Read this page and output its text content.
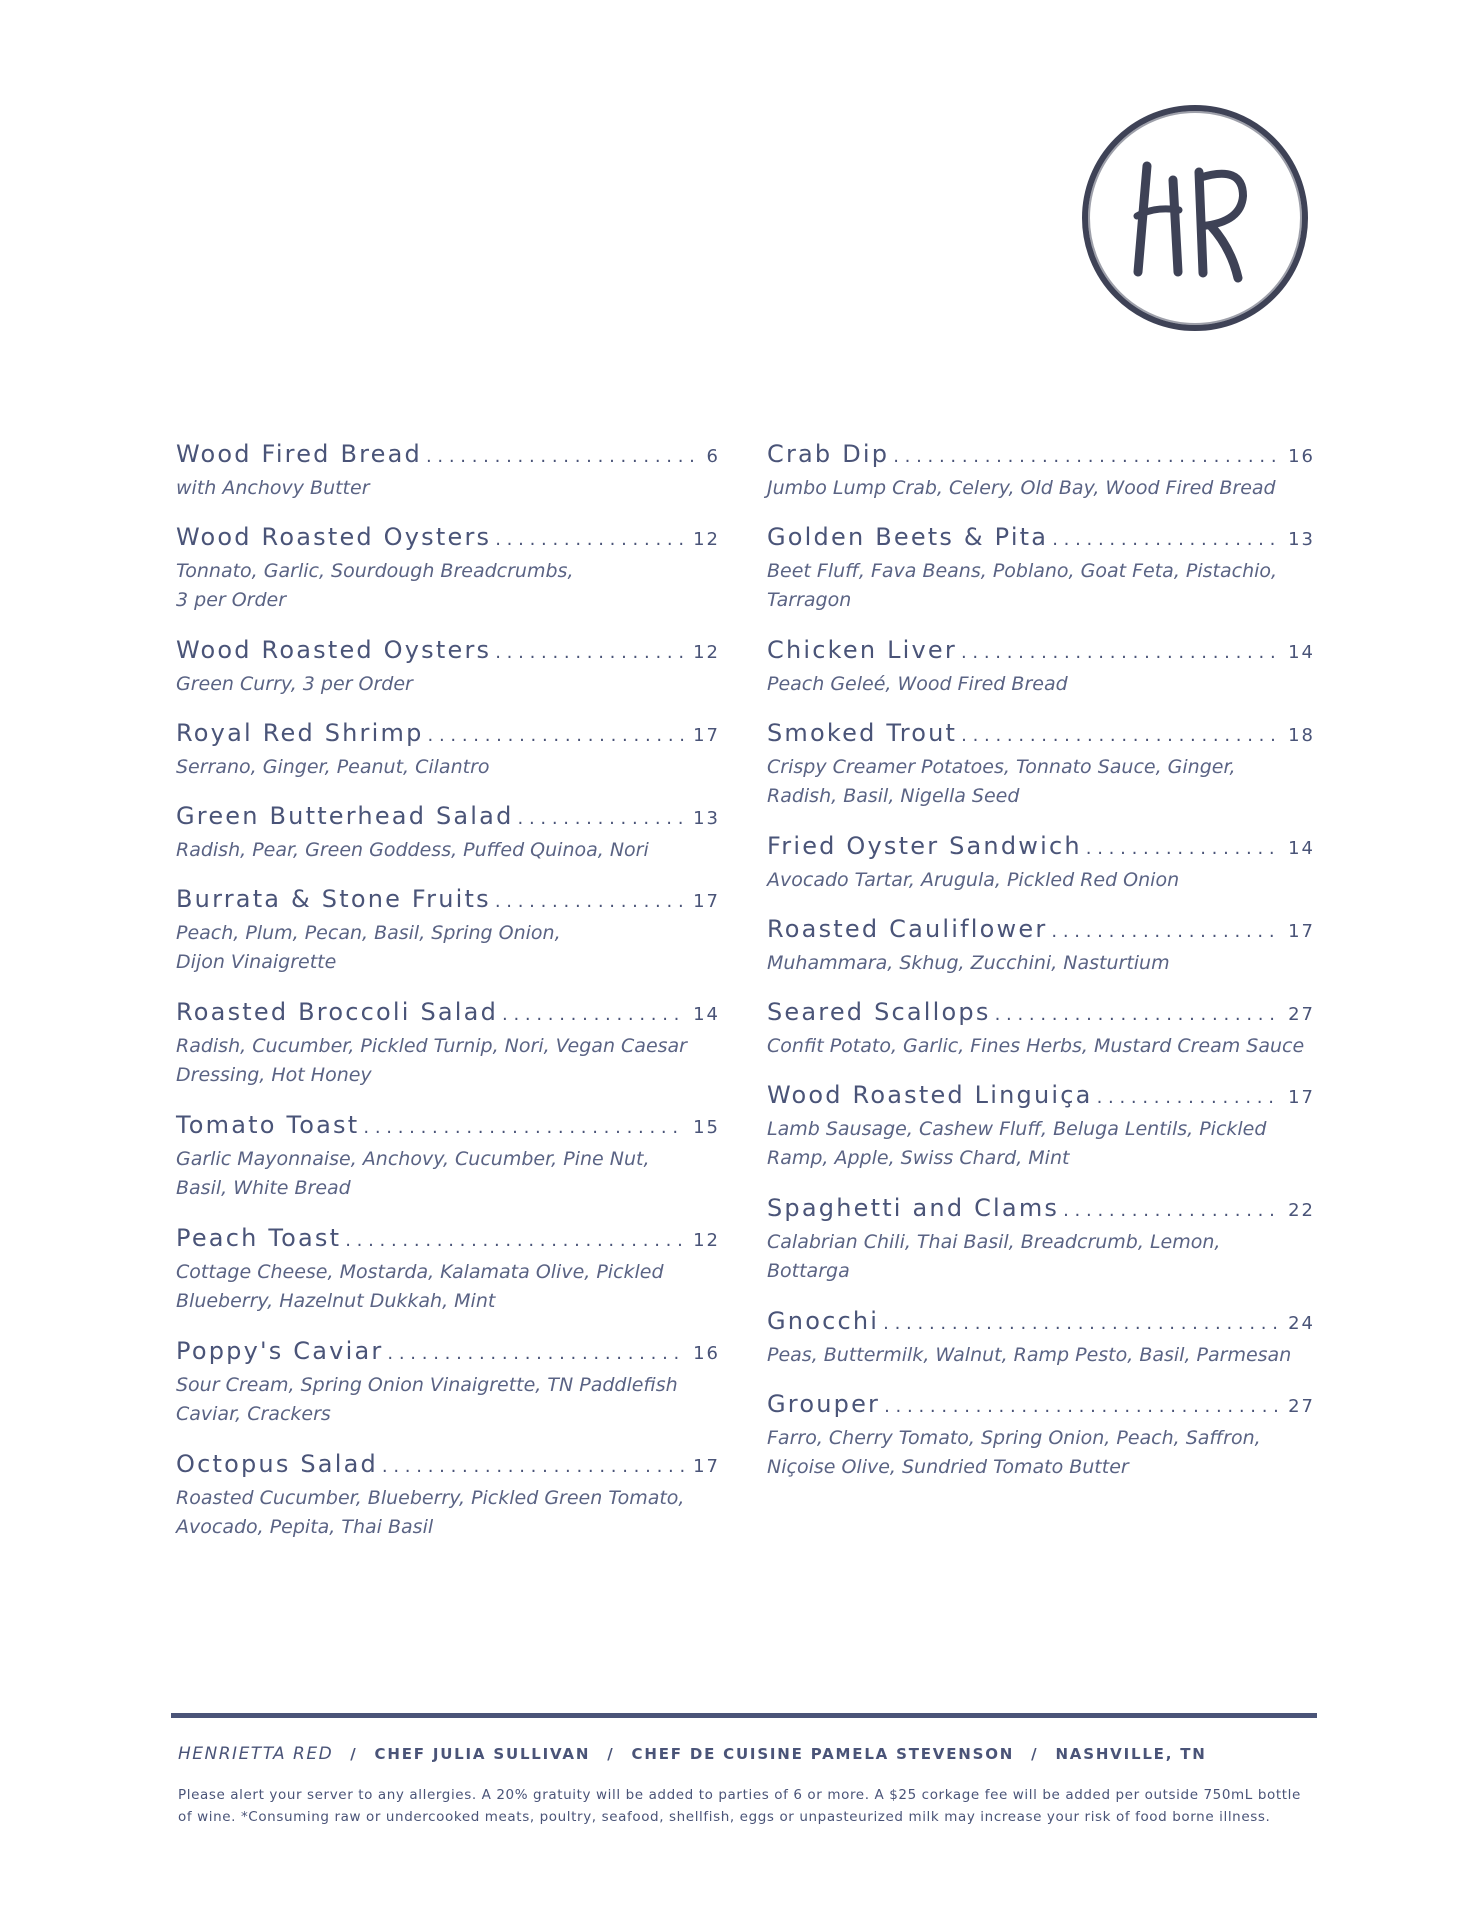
Wood Fired Bread . . .	6
with Anchovy Butter
Wood Roasted Oysters . . .	12
Tonnato, Garlic, Sourdough Breadcrumbs,
3 per Order
Wood Roasted Oysters . . .	12
Green Curry, 3 per Order
Royal Red Shrimp . . .	17
Serrano, Ginger, Peanut, Cilantro
Green Butterhead Salad . . .	13
Radish, Pear, Green Goddess, Puffed Quinoa, Nori
Burrata & Stone Fruits . . .	17
Peach, Plum, Pecan, Basil, Spring Onion,
Dijon Vinaigrette
Roasted Broccoli Salad . . .	14
Radish, Cucumber, Pickled Turnip, Nori, Vegan Caesar
Dressing, Hot Honey
Tomato Toast . . .	15
Garlic Mayonnaise, Anchovy, Cucumber, Pine Nut,
Basil, White Bread
Peach Toast . . .	12
Cottage Cheese, Mostarda, Kalamata Olive, Pickled
Blueberry, Hazelnut Dukkah, Mint
Poppy's Caviar . . .	16
Sour Cream, Spring Onion Vinaigrette, TN Paddlefish
Caviar, Crackers
Octopus Salad . . .	17
Roasted Cucumber, Blueberry, Pickled Green Tomato,
Avocado, Pepita, Thai Basil
Crab Dip . . .	16
Jumbo Lump Crab, Celery, Old Bay, Wood Fired Bread
Golden Beets & Pita . . .	13
Beet Fluff, Fava Beans, Poblano, Goat Feta, Pistachio,
Tarragon
Chicken Liver . . .	14
Peach Geleé, Wood Fired Bread
Smoked Trout . . .	18
Crispy Creamer Potatoes, Tonnato Sauce, Ginger,
Radish, Basil, Nigella Seed
Fried Oyster Sandwich . . .	14
Avocado Tartar, Arugula, Pickled Red Onion
Roasted Cauliflower . . .	17
Muhammara, Skhug, Zucchini, Nasturtium
Seared Scallops . . .	27
Confit Potato, Garlic, Fines Herbs, Mustard Cream Sauce
Wood Roasted Linguiça . . .	17
Lamb Sausage, Cashew Fluff, Beluga Lentils, Pickled
Ramp, Apple, Swiss Chard, Mint
Spaghetti and Clams . . .	22
Calabrian Chili, Thai Basil, Breadcrumb, Lemon,
Bottarga
Gnocchi . . .	24
Peas, Buttermilk, Walnut, Ramp Pesto, Basil, Parmesan
Grouper . . .	27
Farro, Cherry Tomato, Spring Onion, Peach, Saffron,
Niçoise Olive, Sundried Tomato Butter
HENRIETTA RED / CHEF JULIA SULLIVAN / CHEF DE CUISINE PAMELA STEVENSON / NASHVILLE, TN
Please alert your server to any allergies. A 20% gratuity will be added to parties of 6 or more. A $25 corkage fee will be added per outside 750mL bottle of wine. *Consuming raw or undercooked meats, poultry, seafood, shellfish, eggs or unpasteurized milk may increase your risk of food borne illness.
